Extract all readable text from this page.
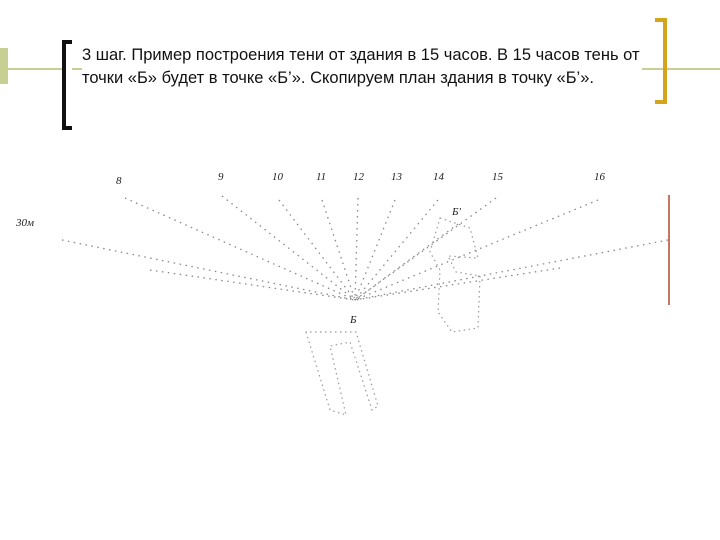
3 шаг. Пример построения тени от здания в 15 часов. В 15 часов тень от точки «Б» будет в точке «Б’». Скопируем план здания в точку «Б’».
8	9	10	11 12 13	14	15	16
30м
Б
Б'
